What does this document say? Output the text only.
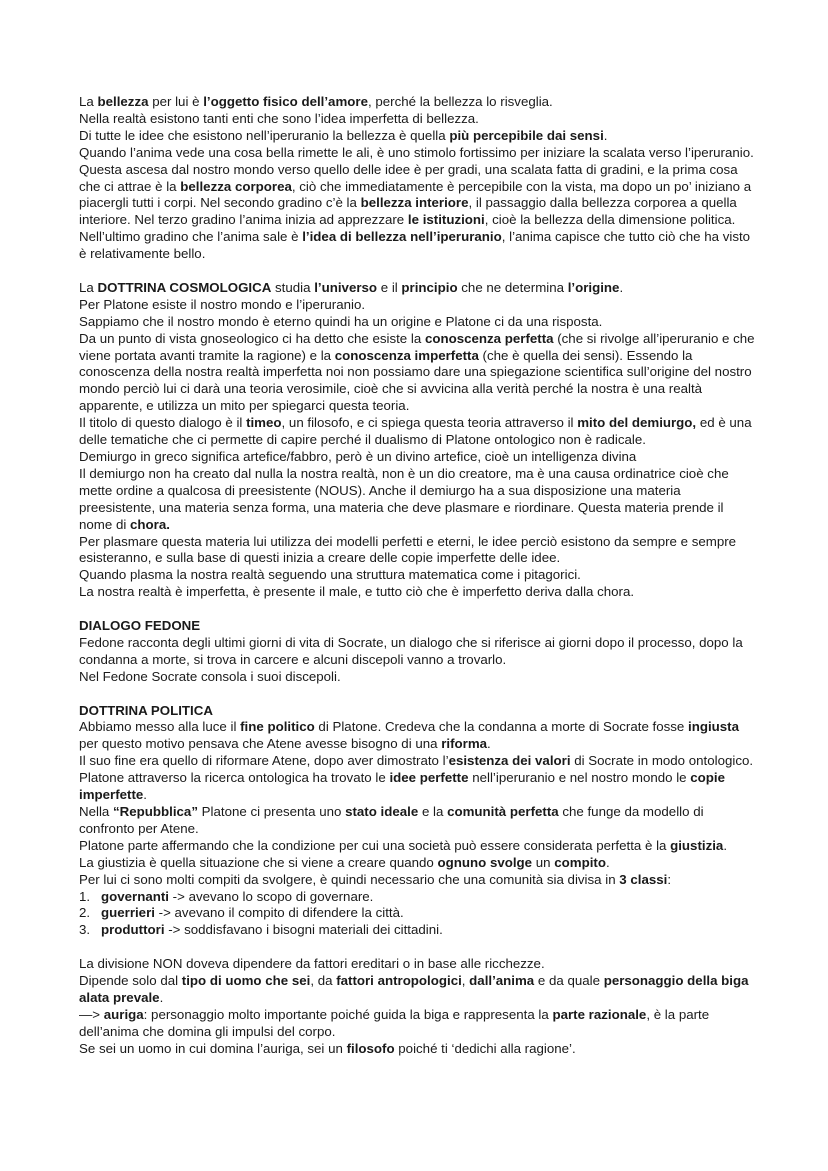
La bellezza per lui è l’oggetto fisico dell’amore, perché la bellezza lo risveglia.

Nella realtà esistono tanti enti che sono l’idea imperfetta di bellezza.

Di tutte le idee che esistono nell’iperuranio la bellezza è quella più percepibile dai sensi.

Quando l’anima vede una cosa bella rimette le ali, è uno stimolo fortissimo per iniziare la scalata verso l’iperuranio.

Questa ascesa dal nostro mondo verso quello delle idee è per gradi, una scalata fatta di gradini, e la prima cosa che ci attrae è la bellezza corporea, ciò che immediatamente è percepibile con la vista, ma dopo un po’ iniziano a piacergli tutti i corpi. Nel secondo gradino c’è la bellezza interiore, il passaggio dalla bellezza corporea a quella interiore. Nel terzo gradino l’anima inizia ad apprezzare le istituzioni, cioè la bellezza della dimensione politica. Nell’ultimo gradino che l’anima sale è l’idea di bellezza nell’iperuranio, l’anima capisce che tutto ciò che ha visto è relativamente bello.

La DOTTRINA COSMOLOGICA studia l’universo e il principio che ne determina l’origine.

Per Platone esiste il nostro mondo e l’iperuranio.

Sappiamo che il nostro mondo è eterno quindi ha un origine e Platone ci da una risposta.

Da un punto di vista gnoseologico ci ha detto che esiste la conoscenza perfetta (che si rivolge all’iperuranio e che viene portata avanti tramite la ragione) e la conoscenza imperfetta (che è quella dei sensi). Essendo la conoscenza della nostra realtà imperfetta noi non possiamo dare una spiegazione scientifica sull’origine del nostro mondo perciò lui ci darà una teoria verosimile, cioè che si avvicina alla verità perché la nostra è una realtà apparente, e utilizza un mito per spiegarci questa teoria.

Il titolo di questo dialogo è il timeo, un filosofo, e ci spiega questa teoria attraverso il mito del demiurgo, ed è una delle tematiche che ci permette di capire perché il dualismo di Platone ontologico non è radicale.

Demiurgo in greco significa artefice/fabbro, però è un divino artefice, cioè un intelligenza divina

Il demiurgo non ha creato dal nulla la nostra realtà, non è un dio creatore, ma è una causa ordinatrice cioè che mette ordine a qualcosa di preesistente (NOUS). Anche il demiurgo ha a sua disposizione una materia preesistente, una materia senza forma, una materia che deve plasmare e riordinare. Questa materia prende il nome di chora.

Per plasmare questa materia lui utilizza dei modelli perfetti e eterni, le idee perciò esistono da sempre e sempre esisteranno, e sulla base di questi inizia a creare delle copie imperfette delle idee.

Quando plasma la nostra realtà seguendo una struttura matematica come i pitagorici.

La nostra realtà è imperfetta, è presente il male, e tutto ciò che è imperfetto deriva dalla chora.

DIALOGO FEDONE

Fedone racconta degli ultimi giorni di vita di Socrate, un dialogo che si riferisce ai giorni dopo il processo, dopo la condanna a morte, si trova in carcere e alcuni discepoli vanno a trovarlo.

Nel Fedone Socrate consola i suoi discepoli.

DOTTRINA POLITICA

Abbiamo messo alla luce il fine politico di Platone. Credeva che la condanna a morte di Socrate fosse ingiusta per questo motivo pensava che Atene avesse bisogno di una riforma.

Il suo fine era quello di riformare Atene, dopo aver dimostrato l’esistenza dei valori di Socrate in modo ontologico. Platone attraverso la ricerca ontologica ha trovato le idee perfette nell’iperuranio e nel nostro mondo le copie imperfette.

Nella “Repubblica” Platone ci presenta uno stato ideale e la comunità perfetta che funge da modello di confronto per Atene.

Platone parte affermando che la condizione per cui una società può essere considerata perfetta è la giustizia.

La giustizia è quella situazione che si viene a creare quando ognuno svolge un compito.

Per lui ci sono molti compiti da svolgere, è quindi necessario che una comunità sia divisa in 3 classi:

1. governanti -> avevano lo scopo di governare.
2. guerrieri -> avevano il compito di difendere la città.
3. produttori -> soddisfavano i bisogni materiali dei cittadini.

La divisione NON doveva dipendere da fattori ereditari o in base alle ricchezze.

Dipende solo dal tipo di uomo che sei, da fattori antropologici, dall’anima e da quale personaggio della biga alata prevale.

—> auriga: personaggio molto importante poiché guida la biga e rappresenta la parte razionale, è la parte dell’anima che domina gli impulsi del corpo.

Se sei un uomo in cui domina l’auriga, sei un filosofo poiché ti ‘dedichi alla ragione’.
